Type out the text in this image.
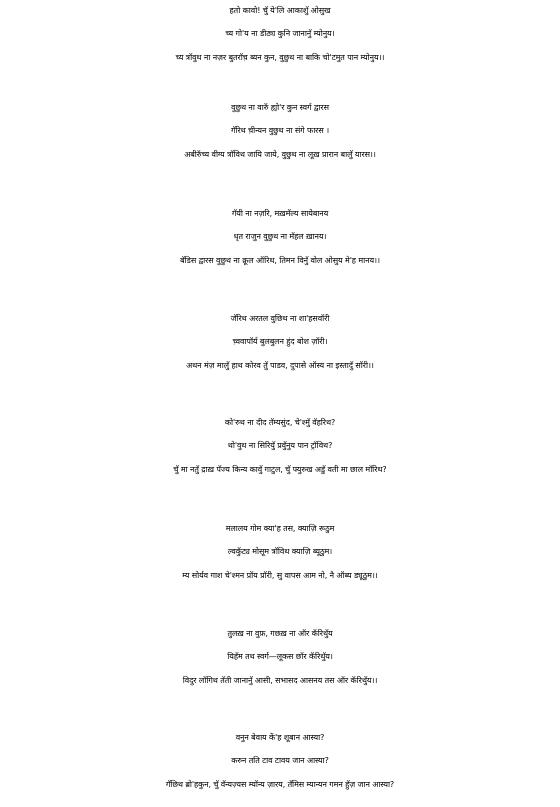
हतो कावो! चुॅ ये'लि आकाशुॅ ओसुख
च्य गो'य ना डीठ्य कुनि जानानुॅ म्योनुय।
च्य त्रॉवुथ ना नज़र बुतरॉच़ ब्यन कुन, वुछुथ ना बाकि चो'टमुत पान म्योनुय।।
वुछुथ ना वारुॅ ह्यो'र कुन स्वर्ग द्वारस
गॅरिथ च़ीन्यन वुछुथ ना संगे फारस ।
अबीरुॅच्य वीग्य त्रॉविथ जायि जाये, वुछुथ ना लूख़ प्रारान बालुॅ यारस।।
गॅयी ना नज़रि, मख़मॅल्य सायेबानय
धृत राजुन वुछुथ ना मॅहल ख़ानय।
बॅडिस द्वारस वुछुथ ना क्रूल ऑरिथ, तिमन विनुॅ वोल ओसुय मे'ह मानय।।
जॅरिथ अरतल वुछिथ ना शा'हसवॉरी
च़्ववापॉर्य बुलबुलन हुंद बोश ज़ॉरी।
अथन मंज़ मालुॅ हाथ कोरव तुॅ पाडव, दुपासे ऑस्य ना इस्तादुॅ सॉरी।।
को'रुथ ना दीद तॅम्यसुंद, चे'श्मुॅ वॅहरिथ?
थो'वुथ ना सिरियुॅ प्रवुॅनुय पान ट्रॉविथ?
चुॅ मा नतुॅ द्राख़ पॅज्य किन्य कावुॅ गाटुल, चुॅ फ्युरुख अडुॅ वती मा छाल मॉरिथ?
मलालय गोम क्या'ह तस, क्याज़ि रूठुम
ल्वकुॅट्य मोसूम त्रॉविथ क्याज़ि ब्यूठुम।
म्य सोर्यव गाश चे'श्मन प्रॉय प्रॉरी, सु वापस आम नो, नै ऑब्य ड्यूठुम।।
तुलख़ ना वुफ़, गछख़ ना ऑर कॅरिथुॅय
यिहॅम तथ स्वर्ग—लूकस छॉर कॅरिथुॅय।
विदुर लॉगिथ तॅती जानानुॅ आसी, सभासद आसनय तस ऑर कॅरिथुॅय।।
वनुन बेवाय कें'ह शूबान आस्या?
करुन तति टाव टावय जान आस्या?
गॅछिथ ब्रो'हकुन, चुॅ वॅन्यज़्यस म्यॉन्य ज़ारय, तॅमिस म्यान्यन गमन हुॅज़ जान आस्या?
